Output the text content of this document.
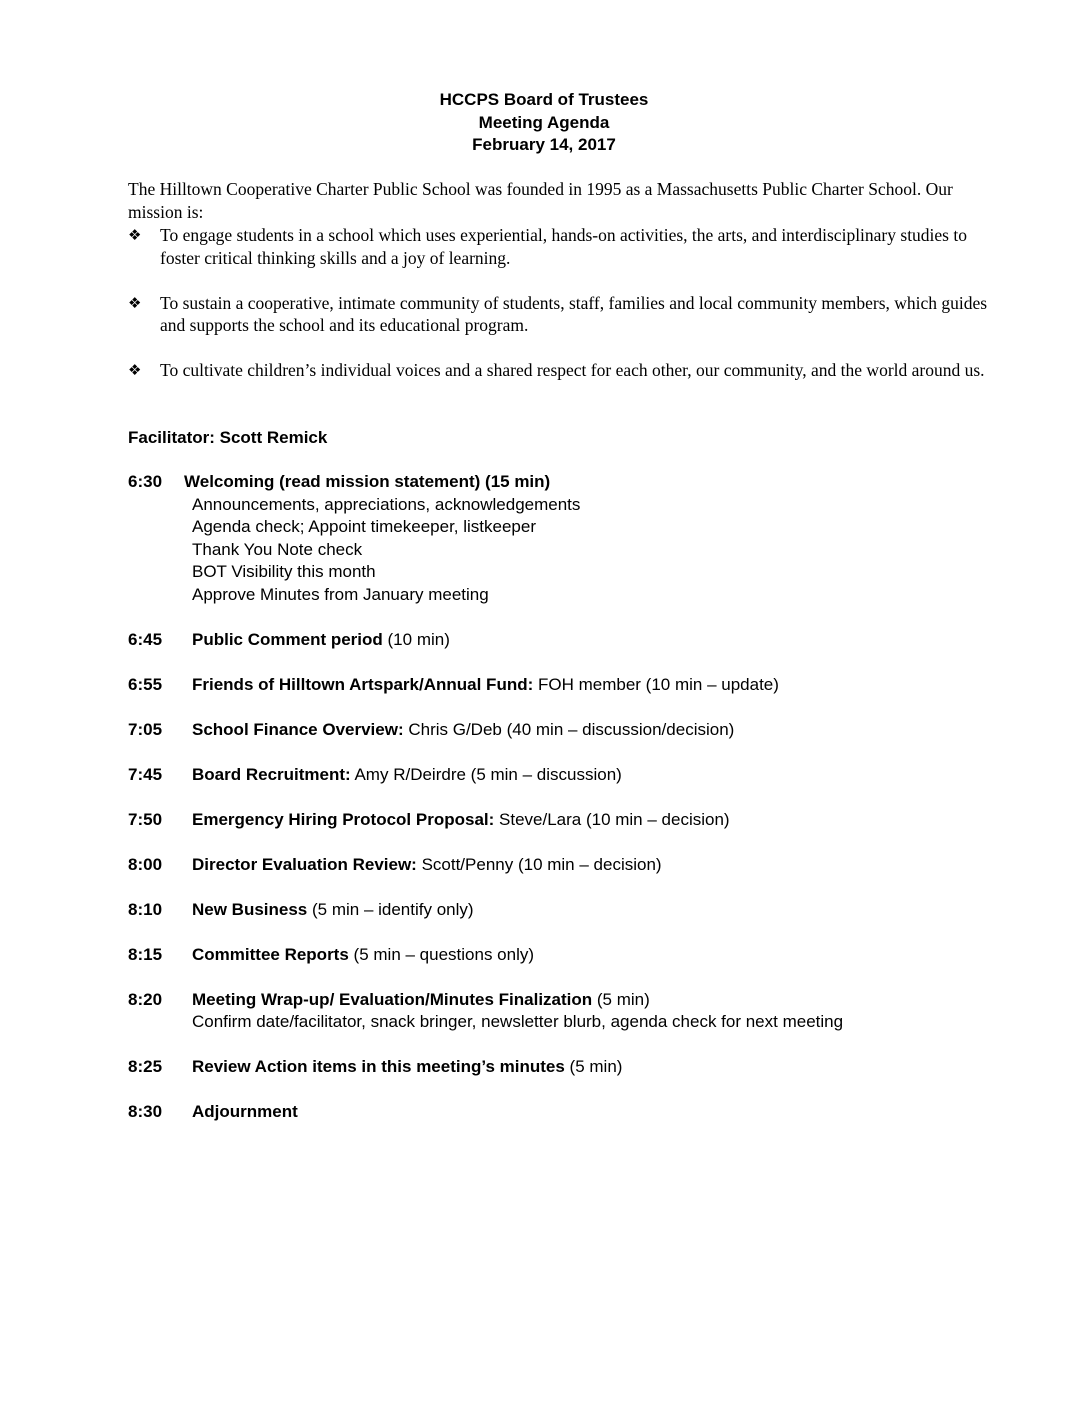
HCCPS Board of Trustees
Meeting Agenda
February 14, 2017
The Hilltown Cooperative Charter Public School was founded in 1995 as a Massachusetts Public Charter School. Our mission is:
❖ To engage students in a school which uses experiential, hands-on activities, the arts, and interdisciplinary studies to foster critical thinking skills and a joy of learning.
❖ To sustain a cooperative, intimate community of students, staff, families and local community members, which guides and supports the school and its educational program.
❖ To cultivate children’s individual voices and a shared respect for each other, our community, and the world around us.
Facilitator: Scott Remick
6:30 Welcoming (read mission statement) (15 min)
Announcements, appreciations, acknowledgements
Agenda check; Appoint timekeeper, listkeeper
Thank You Note check
BOT Visibility this month
Approve Minutes from January meeting
6:45 Public Comment period (10 min)
6:55 Friends of Hilltown Artspark/Annual Fund: FOH member (10 min – update)
7:05 School Finance Overview: Chris G/Deb (40 min – discussion/decision)
7:45 Board Recruitment: Amy R/Deirdre (5 min – discussion)
7:50 Emergency Hiring Protocol Proposal: Steve/Lara (10 min – decision)
8:00 Director Evaluation Review: Scott/Penny (10 min – decision)
8:10 New Business (5 min – identify only)
8:15 Committee Reports (5 min – questions only)
8:20 Meeting Wrap-up/ Evaluation/Minutes Finalization (5 min)
Confirm date/facilitator, snack bringer, newsletter blurb, agenda check for next meeting
8:25 Review Action items in this meeting’s minutes (5 min)
8:30 Adjournment
